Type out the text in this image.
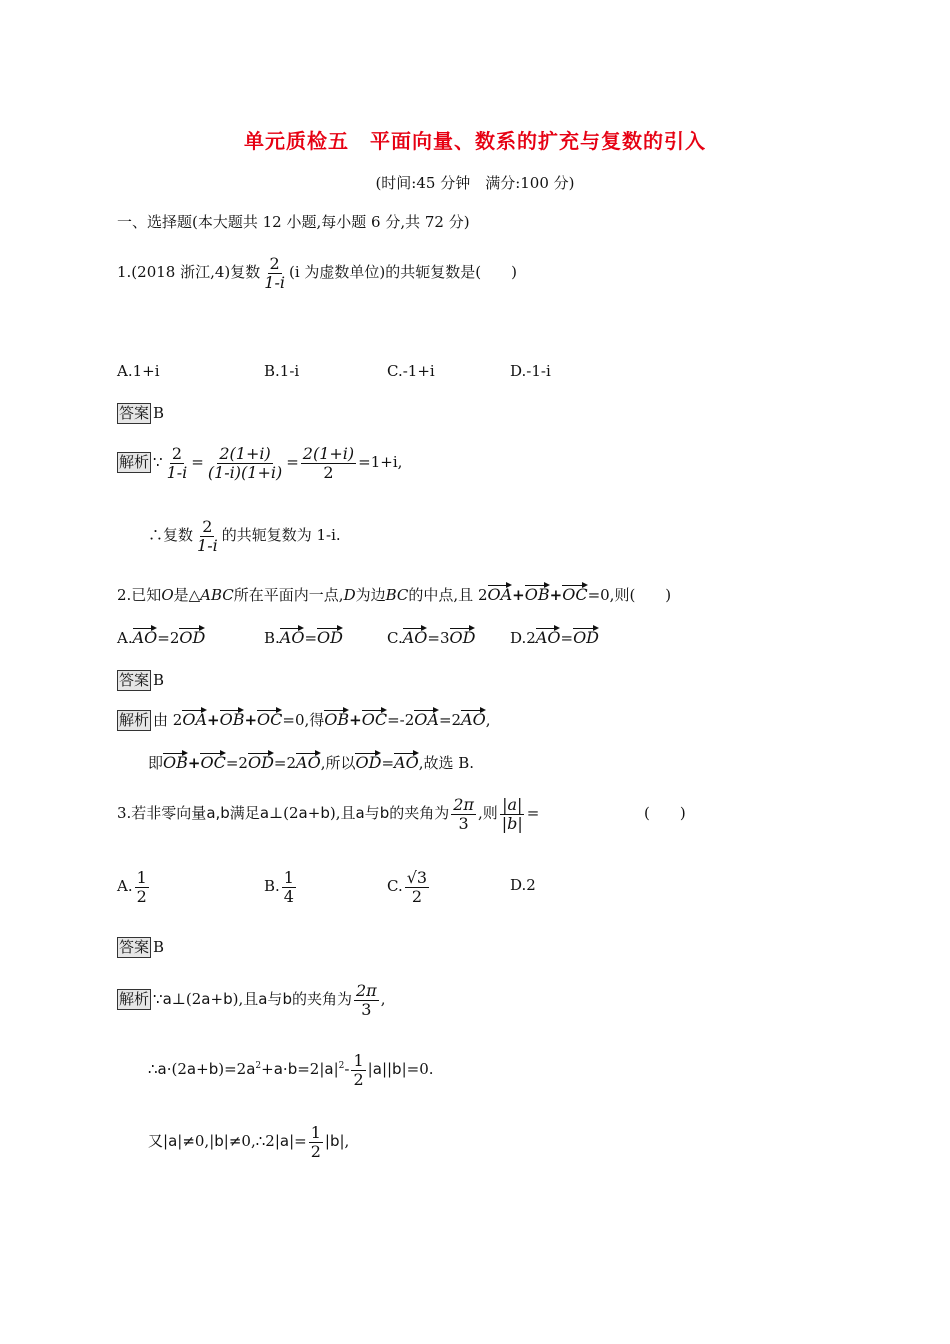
单元质检五　平面向量、数系的扩充与复数的引入
(时间:45 分钟　满分:100 分)
一、选择题(本大题共 12 小题,每小题 6 分,共 72 分)
1.(2018 浙江,4)复数 $\frac{2}{1-i} (i$ 为虚数单位)的共轭复数是(　　)
A.1+i	B.1-i	C.-1+i	D.-1-i
答案 B
解析 ∵ $\frac{2}{1-i} = \frac{2(1+i)}{(1-i)(1+i)} = \frac{2(1+i)}{2} =1+i$,
∴复数 $\frac{2}{1-i}$ 的共轭复数为 1-i.
2.已知O是△ABC所在平面内一点,D为边BC的中点,且 2OA+OB+OC=0,则(　　)
A.AO=2OD	B.AO=OD	C.AO=3OD D.2AO=OD
答案 B
解析 由 2OA+OB+OC=0,得OB+OC=-2OA=2AO,
即OB+OC=2OD=2AO,所以OD=AO,故选 B.
3.若非零向量a,b满足a⊥(2a+b),且a与b的夹角为 $\frac{2\pi}{3}$ ,则 $\frac{|a|}{|b|}$ =	(　　)
A. $\frac{1}{2}$	B. $\frac{1}{4}$	C. $\frac{√3}{2}$	D.2
答案 B
解析 ∵a⊥(2a+b),且a与b的夹角为 $\frac{2\pi}{3}$ ,
$\therefore a\cdot(2a+b)=2a^2+a\cdot b=2|a|^2- \frac{1}{2} |a||b|=0$.
又|a|≠0,|b|≠0,∴2|a|= $\frac{1}{2} |b|$,
